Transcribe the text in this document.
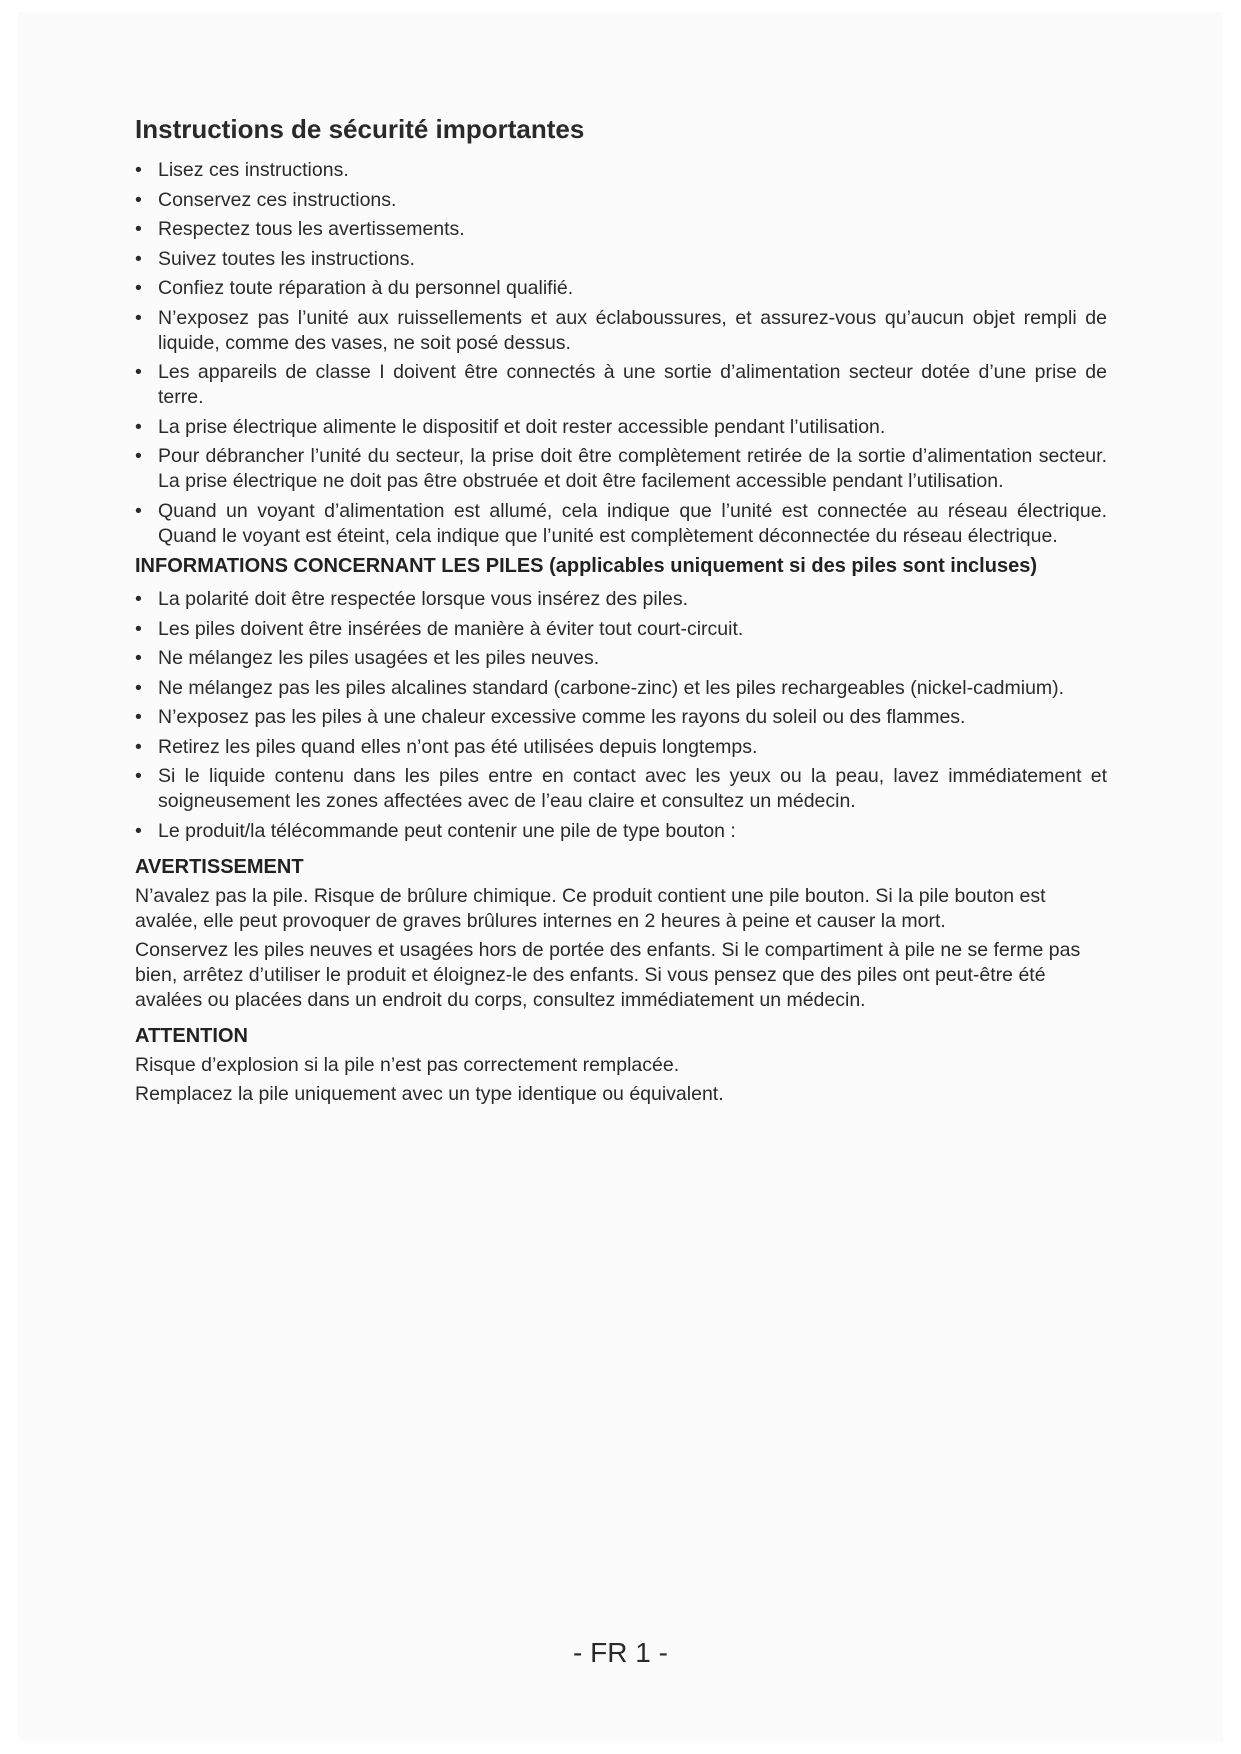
Instructions de sécurité importantes
• Lisez ces instructions.
• Conservez ces instructions.
• Respectez tous les avertissements.
• Suivez toutes les instructions.
• Confiez toute réparation à du personnel qualifié.
• N’exposez pas l’unité aux ruissellements et aux éclaboussures, et assurez-vous qu’aucun objet rempli de liquide, comme des vases, ne soit posé dessus.
• Les appareils de classe I doivent être connectés à une sortie d’alimentation secteur dotée d’une prise de terre.
• La prise électrique alimente le dispositif et doit rester accessible pendant l’utilisation.
• Pour débrancher l’unité du secteur, la prise doit être complètement retirée de la sortie d’alimentation secteur. La prise électrique ne doit pas être obstruée et doit être facilement accessible pendant l’utilisation.
• Quand un voyant d’alimentation est allumé, cela indique que l’unité est connectée au réseau électrique. Quand le voyant est éteint, cela indique que l’unité est complètement déconnectée du réseau électrique.
INFORMATIONS CONCERNANT LES PILES (applicables uniquement si des piles sont incluses)
• La polarité doit être respectée lorsque vous insérez des piles.
• Les piles doivent être insérées de manière à éviter tout court-circuit.
• Ne mélangez les piles usagées et les piles neuves.
• Ne mélangez pas les piles alcalines standard (carbone-zinc) et les piles rechargeables (nickel-cadmium).
• N’exposez pas les piles à une chaleur excessive comme les rayons du soleil ou des flammes.
• Retirez les piles quand elles n’ont pas été utilisées depuis longtemps.
• Si le liquide contenu dans les piles entre en contact avec les yeux ou la peau, lavez immédiatement et soigneusement les zones affectées avec de l’eau claire et consultez un médecin.
• Le produit/la télécommande peut contenir une pile de type bouton :
AVERTISSEMENT

N’avalez pas la pile. Risque de brûlure chimique. Ce produit contient une pile bouton. Si la pile bouton est avalée, elle peut provoquer de graves brûlures internes en 2 heures à peine et causer la mort.

Conservez les piles neuves et usagées hors de portée des enfants. Si le compartiment à pile ne se ferme pas bien, arrêtez d’utiliser le produit et éloignez-le des enfants. Si vous pensez que des piles ont peut-être été avalées ou placées dans un endroit du corps, consultez immédiatement un médecin.

ATTENTION

Risque d’explosion si la pile n’est pas correctement remplacée.

Remplacez la pile uniquement avec un type identique ou équivalent.

- FR 1 -
